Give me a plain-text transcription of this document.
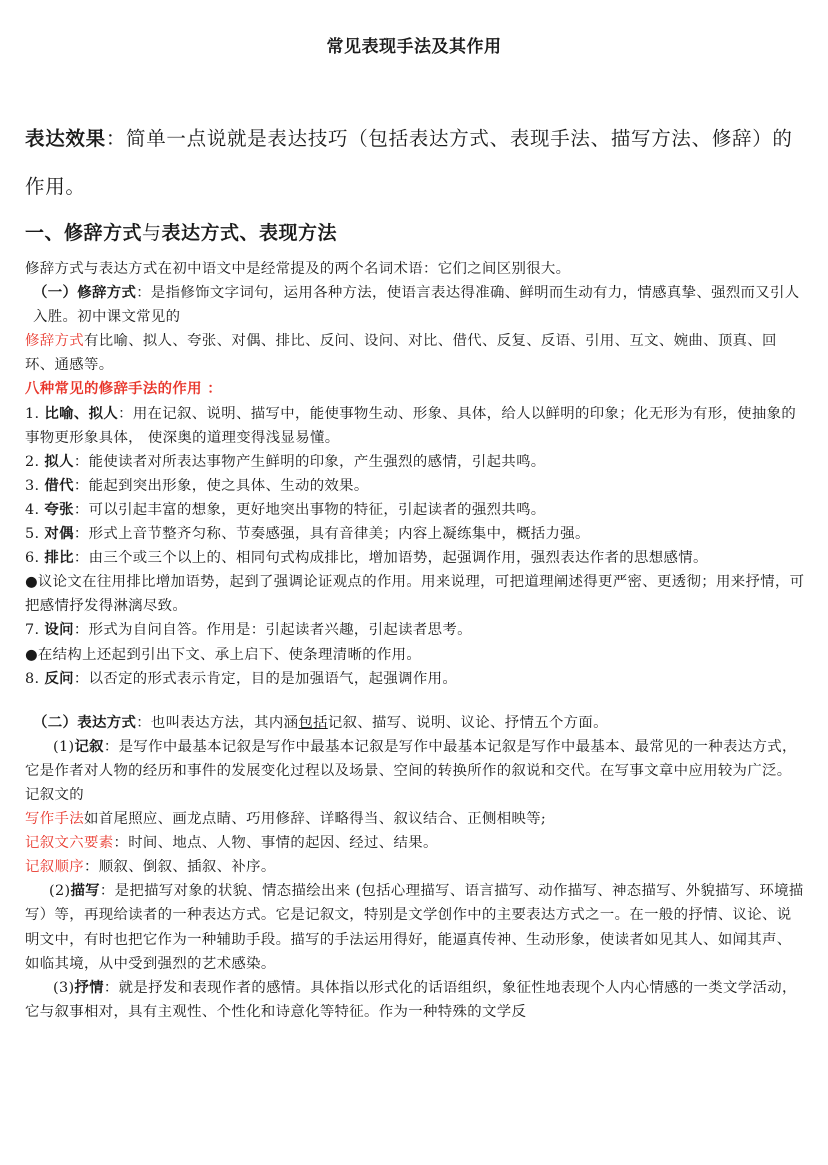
常见表现手法及其作用
表达效果：简单一点说就是表达技巧（包括表达方式、表现手法、描写方法、修辞）的作用。
一、修辞方式与表达方式、表现方法

修辞方式与表达方式在初中语文中是经常提及的两个名词术语：它们之间区别很大。

（一）修辞方式：是指修饰文字词句，运用各种方法，使语言表达得准确、鲜明而生动有力，情感真挚、强烈而又引人入胜。初中课文常见的

修辞方式有比喻、拟人、夸张、对偶、排比、反问、设问、对比、借代、反复、反语、引用、互文、婉曲、顶真、回环、通感等。

八种常见的修辞手法的作用 ：

1. 比喻、拟人：用在记叙、说明、描写中，能使事物生动、形象、具体，给人以鲜明的印象；化无形为有形，使抽象的事物更形象具体， 使深奥的道理变得浅显易懂。

2. 拟人：能使读者对所表达事物产生鲜明的印象，产生强烈的感情，引起共鸣。

3. 借代：能起到突出形象，使之具体、生动的效果。

4. 夸张：可以引起丰富的想象，更好地突出事物的特征，引起读者的强烈共鸣。

5. 对偶：形式上音节整齐匀称、节奏感强，具有音律美；内容上凝练集中，概括力强。

6. 排比：由三个或三个以上的、相同句式构成排比，增加语势，起强调作用，强烈表达作者的思想感情。

●议论文在往用排比增加语势，起到了强调论证观点的作用。用来说理，可把道理阐述得更严密、更透彻；用来抒情，可把感情抒发得淋漓尽致。

7. 设问：形式为自问自答。作用是：引起读者兴趣，引起读者思考。

●在结构上还起到引出下文、承上启下、使条理清晰的作用。

8. 反问：以否定的形式表示肯定，目的是加强语气，起强调作用。

（二）表达方式：也叫表达方法，其内涵包括记叙、描写、说明、议论、抒情五个方面。

(1)记叙：是写作中最基本记叙是写作中最基本记叙是写作中最基本记叙是写作中最基本、最常见的一种表达方式，它是作者对人物的经历和事件的发展变化过程以及场景、空间的转换所作的叙说和交代。在写事文章中应用较为广泛。

记叙文的

写作手法如首尾照应、画龙点睛、巧用修辞、详略得当、叙议结合、正侧相映等;

记叙文六要素：时间、地点、人物、事情的起因、经过、结果。

记叙顺序：顺叙、倒叙、插叙、补序。

(2)描写：是把描写对象的状貌、情态描绘出来 (包括心理描写、语言描写、动作描写、神态描写、外貌描写、环境描写）等，再现给读者的一种表达方式。它是记叙文，特别是文学创作中的主要表达方式之一。在一般的抒情、议论、说明文中，有时也把它作为一种辅助手段。描写的手法运用得好，能逼真传神、生动形象，使读者如见其人、如闻其声、如临其境，从中受到强烈的艺术感染。

(3)抒情：就是抒发和表现作者的感情。具体指以形式化的话语组织，象征性地表现个人内心情感的一类文学活动，它与叙事相对，具有主观性、个性化和诗意化等特征。作为一种特殊的文学反
